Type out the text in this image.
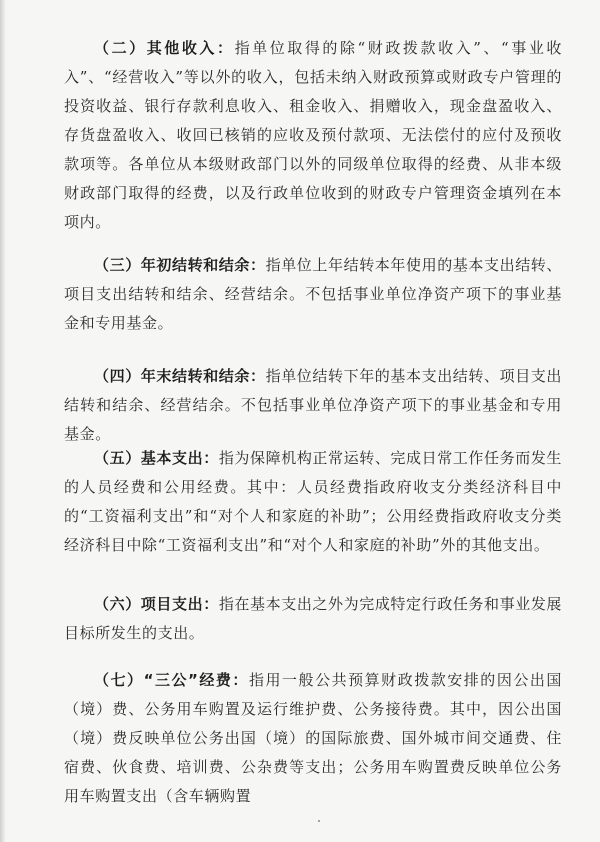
（二）其他收入：指单位取得的除“财政拨款收入”、“事业收入”、“经营收入”等以外的收入，包括未纳入财政预算或财政专户管理的投资收益、银行存款利息收入、租金收入、捐赠收入，现金盘盈收入、存货盘盈收入、收回已核销的应收及预付款项、无法偿付的应付及预收款项等。各单位从本级财政部门以外的同级单位取得的经费、从非本级财政部门取得的经费，以及行政单位收到的财政专户管理资金填列在本项内。

（三）年初结转和结余：指单位上年结转本年使用的基本支出结转、项目支出结转和结余、经营结余。不包括事业单位净资产项下的事业基金和专用基金。

（四）年末结转和结余：指单位结转下年的基本支出结转、项目支出结转和结余、经营结余。不包括事业单位净资产项下的事业基金和专用基金。

（五）基本支出：指为保障机构正常运转、完成日常工作任务而发生的人员经费和公用经费。其中：人员经费指政府收支分类经济科目中的“工资福利支出”和“对个人和家庭的补助”；公用经费指政府收支分类经济科目中除“工资福利支出”和“对个人和家庭的补助”外的其他支出。

（六）项目支出：指在基本支出之外为完成特定行政任务和事业发展目标所发生的支出。

（七）“三公”经费：指用一般公共预算财政拨款安排的因公出国（境）费、公务用车购置及运行维护费、公务接待费。其中，因公出国（境）费反映单位公务出国（境）的国际旅费、国外城市间交通费、住宿费、伙食费、培训费、公杂费等支出；公务用车购置费反映单位公务用车购置支出（含车辆购置
